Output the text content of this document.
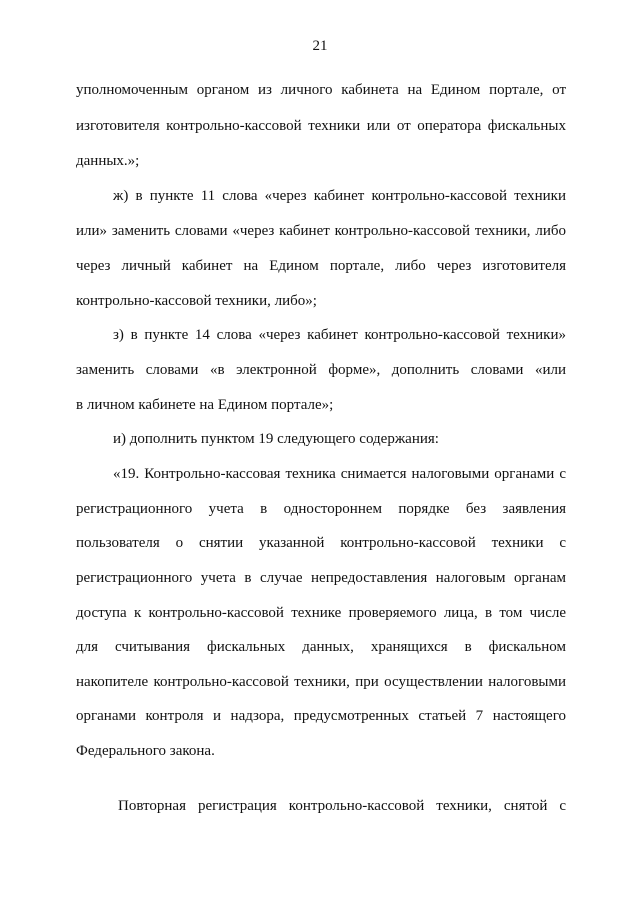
21
уполномоченным органом из личного кабинета на Едином портале, от
изготовителя контрольно-кассовой техники или от оператора фискальных
данных.»;
ж) в пункте 11 слова «через кабинет контрольно-кассовой техники
или» заменить словами «через кабинет контрольно-кассовой техники, либо
через личный кабинет на Едином портале, либо через изготовителя
контрольно-кассовой техники, либо»;
з) в пункте 14 слова «через кабинет контрольно-кассовой техники»
заменить словами «в электронной форме», дополнить словами «или
в личном кабинете на Едином портале»;
и) дополнить пунктом 19 следующего содержания:
«19. Контрольно-кассовая техника снимается налоговыми органами с
регистрационного учета в одностороннем порядке без заявления
пользователя о снятии указанной контрольно-кассовой техники с
регистрационного учета в случае непредоставления налоговым органам
доступа к контрольно-кассовой технике проверяемого лица, в том числе
для считывания фискальных данных, хранящихся в фискальном
накопителе контрольно-кассовой техники, при осуществлении налоговыми
органами контроля и надзора, предусмотренных статьей 7 настоящего
Федерального закона.
Повторная регистрация контрольно-кассовой техники, снятой с
